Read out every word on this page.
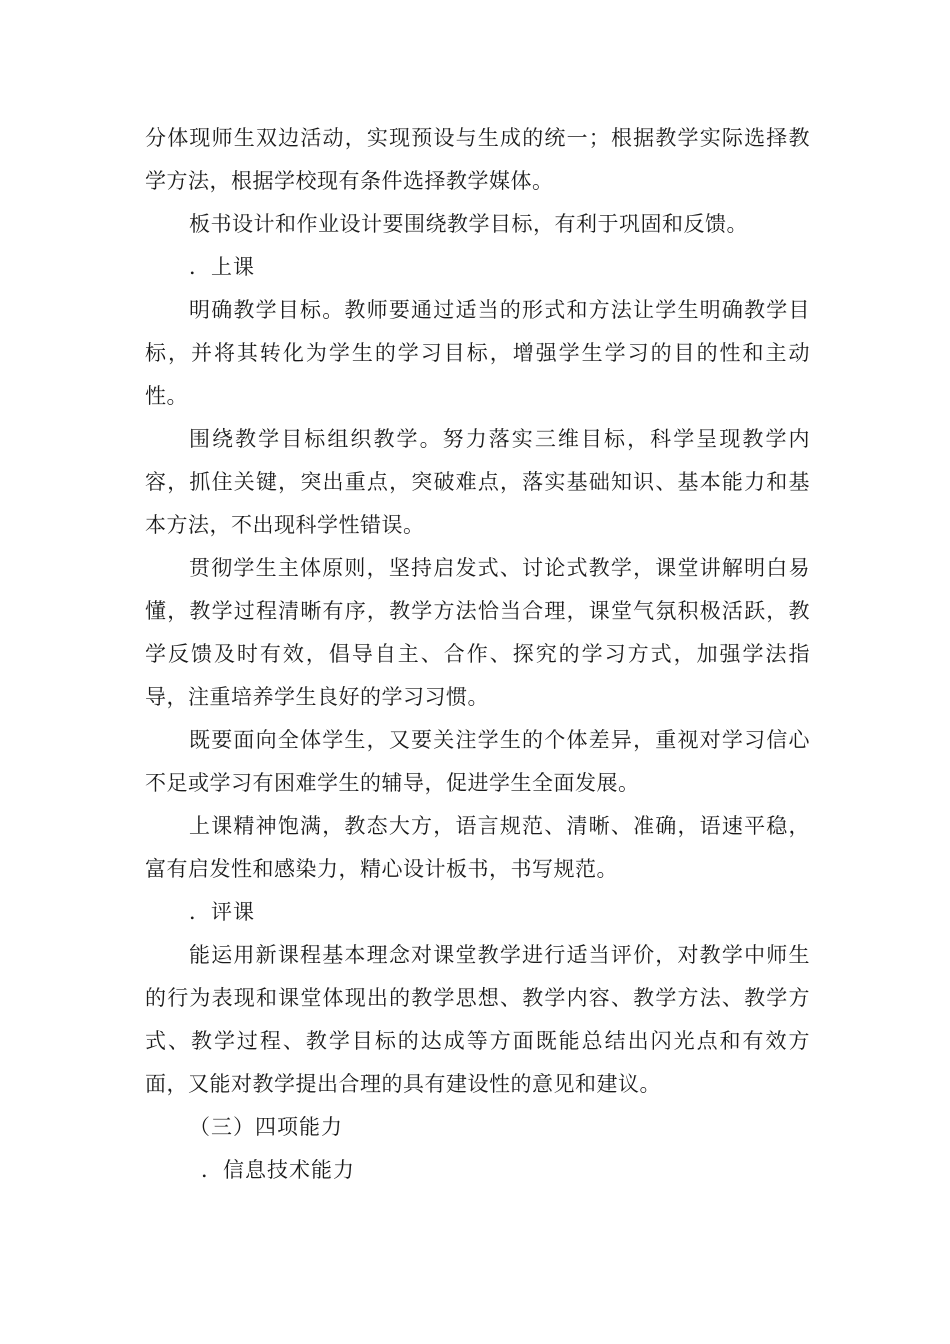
分体现师生双边活动，实现预设与生成的统一；根据教学实际选择教学方法，根据学校现有条件选择教学媒体。

板书设计和作业设计要围绕教学目标，有利于巩固和反馈。

．上课

明确教学目标。教师要通过适当的形式和方法让学生明确教学目标，并将其转化为学生的学习目标，增强学生学习的目的性和主动性。

围绕教学目标组织教学。努力落实三维目标，科学呈现教学内容，抓住关键，突出重点，突破难点，落实基础知识、基本能力和基本方法，不出现科学性错误。

贯彻学生主体原则，坚持启发式、讨论式教学，课堂讲解明白易懂，教学过程清晰有序，教学方法恰当合理，课堂气氛积极活跃，教学反馈及时有效，倡导自主、合作、探究的学习方式，加强学法指导，注重培养学生良好的学习习惯。

既要面向全体学生，又要关注学生的个体差异，重视对学习信心不足或学习有困难学生的辅导，促进学生全面发展。

上课精神饱满，教态大方，语言规范、清晰、准确，语速平稳，富有启发性和感染力，精心设计板书，书写规范。

．评课

能运用新课程基本理念对课堂教学进行适当评价，对教学中师生的行为表现和课堂体现出的教学思想、教学内容、教学方法、教学方式、教学过程、教学目标的达成等方面既能总结出闪光点和有效方面，又能对教学提出合理的具有建设性的意见和建议。

（三）四项能力

．信息技术能力
